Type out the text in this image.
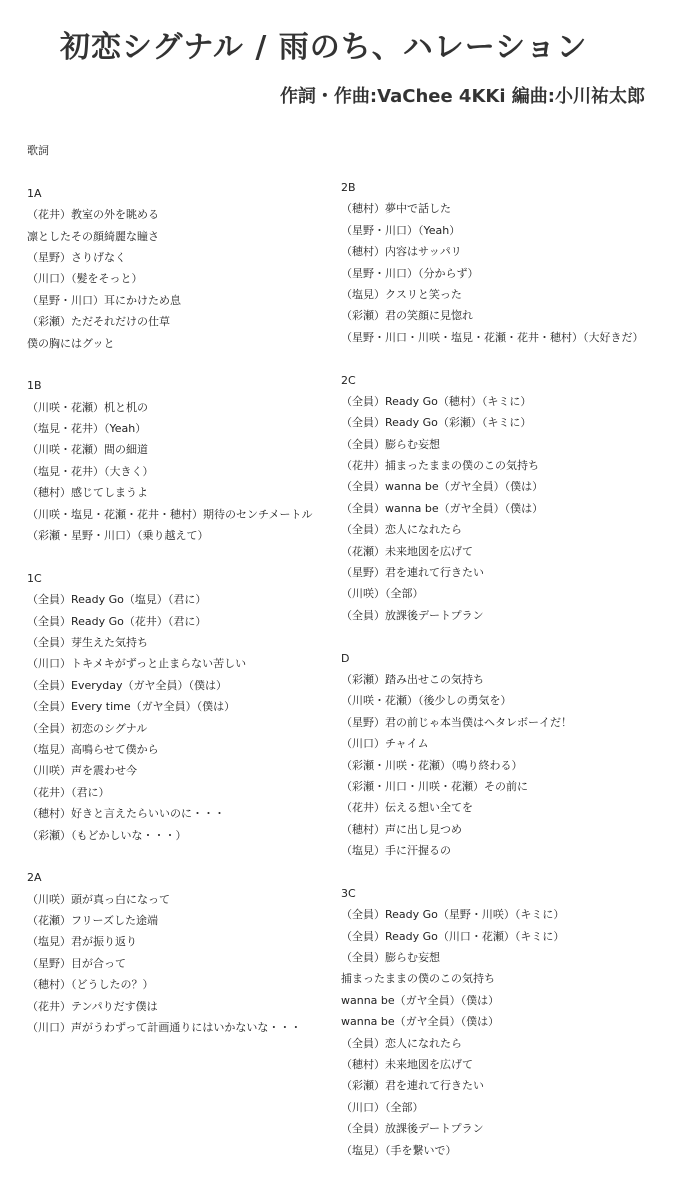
初恋シグナル / 雨のち、ハレーション
作詞・作曲:VaChee 4KKi 編曲:小川祐太郎
歌詞
1A
（花井）教室の外を眺める
凛としたその顔綺麗な瞳さ
（星野）さりげなく
（川口）（髪をそっと）
（星野・川口）耳にかけため息
（彩瀬）ただそれだけの仕草
僕の胸にはグッと
1B
（川咲・花瀬）机と机の
（塩見・花井）（Yeah）
（川咲・花瀬）間の細道
（塩見・花井）（大きく）
（穂村）感じてしまうよ
（川咲・塩見・花瀬・花井・穂村）期待のセンチメートル
（彩瀬・星野・川口）（乗り越えて）
1C
（全員）Ready Go（塩見）（君に）
（全員）Ready Go（花井）（君に）
（全員）芽生えた気持ち
（川口）トキメキがずっと止まらない苦しい
（全員）Everyday（ガヤ全員）（僕は）
（全員）Every time（ガヤ全員）（僕は）
（全員）初恋のシグナル
（塩見）高鳴らせて僕から
（川咲）声を震わせ今
（花井）（君に）
（穂村）好きと言えたらいいのに・・・
（彩瀬）（もどかしいな・・・）
2A
（川咲）頭が真っ白になって
（花瀬）フリーズした途端
（塩見）君が振り返り
（星野）目が合って
（穂村）（どうしたの？）
（花井）テンパりだす僕は
（川口）声がうわずって計画通りにはいかないな・・・
2B
（穂村）夢中で話した
（星野・川口）（Yeah）
（穂村）内容はサッパリ
（星野・川口）（分からず）
（塩見）クスリと笑った
（彩瀬）君の笑顔に見惚れ
（星野・川口・川咲・塩見・花瀬・花井・穂村）（大好きだ）
2C
（全員）Ready Go（穂村）（キミに）
（全員）Ready Go（彩瀬）（キミに）
（全員）膨らむ妄想
（花井）捕まったままの僕のこの気持ち
（全員）wanna be（ガヤ全員）（僕は）
（全員）wanna be（ガヤ全員）（僕は）
（全員）恋人になれたら
（花瀬）未来地図を広げて
（星野）君を連れて行きたい
（川咲）（全部）
（全員）放課後デートプラン
D
（彩瀬）踏み出せこの気持ち
（川咲・花瀬）（後少しの勇気を）
（星野）君の前じゃ本当僕はヘタレボーイだ！
（川口）チャイム
（彩瀬・川咲・花瀬）（鳴り終わる）
（彩瀬・川口・川咲・花瀬）その前に
（花井）伝える想い全てを
（穂村）声に出し見つめ
（塩見）手に汗握るの
3C
（全員）Ready Go（星野・川咲）（キミに）
（全員）Ready Go（川口・花瀬）（キミに）
（全員）膨らむ妄想
捕まったままの僕のこの気持ち
wanna be（ガヤ全員）（僕は）
wanna be（ガヤ全員）（僕は）
（全員）恋人になれたら
（穂村）未来地図を広げて
（彩瀬）君を連れて行きたい
（川口）（全部）
（全員）放課後デートプラン
（塩見）（手を繋いで）
